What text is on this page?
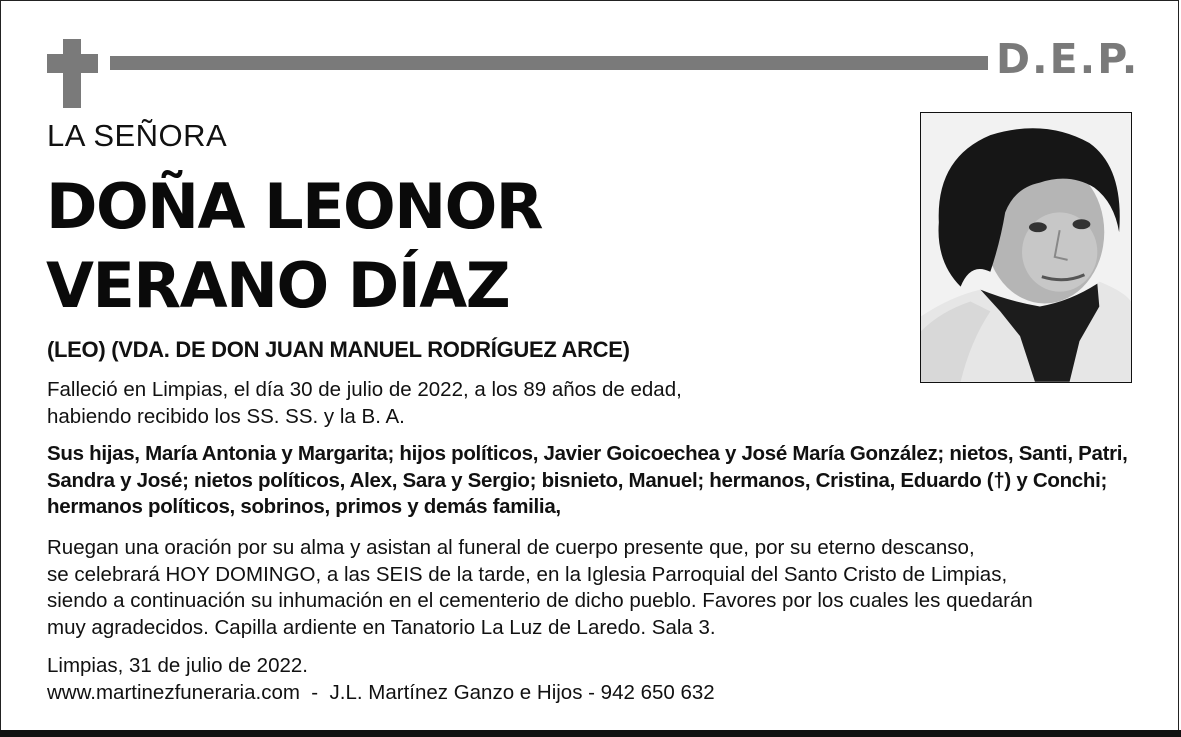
D.E.P.
LA SEÑORA
DOÑA LEONOR
VERANO DÍAZ
(LEO) (VDA. DE DON JUAN MANUEL RODRÍGUEZ ARCE)

Falleció en Limpias, el día 30 de julio de 2022, a los 89 años de edad,
habiendo recibido los SS. SS. y la B. A.

Sus hijas, María Antonia y Margarita; hijos políticos, Javier Goicoechea y José María González; nietos, Santi, Patri, Sandra y José; nietos políticos, Alex, Sara y Sergio; bisnieto, Manuel; hermanos, Cristina, Eduardo (†) y Conchi; hermanos políticos, sobrinos, primos y demás familia,

Ruegan una oración por su alma y asistan al funeral de cuerpo presente que, por su eterno descanso,
se celebrará HOY DOMINGO, a las SEIS de la tarde, en la Iglesia Parroquial del Santo Cristo de Limpias,
siendo a continuación su inhumación en el cementerio de dicho pueblo. Favores por los cuales les quedarán
muy agradecidos. Capilla ardiente en Tanatorio La Luz de Laredo. Sala 3.

Limpias, 31 de julio de 2022.

www.martinezfuneraria.com  -  J.L. Martínez Ganzo e Hijos - 942 650 632
